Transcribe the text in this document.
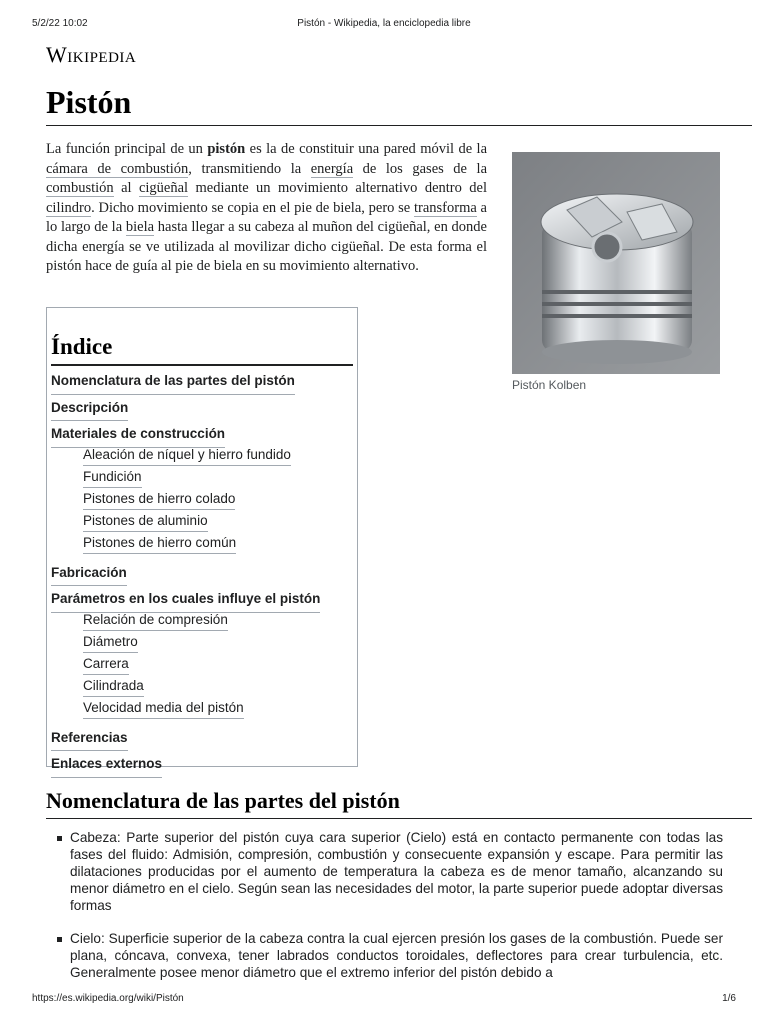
5/2/22 10:02	Pistón - Wikipedia, la enciclopedia libre
Wikipedia
Pistón

La función principal de un pistón es la de constituir una pared móvil de la cámara de combustión, transmitiendo la energía de los gases de la combustión al cigüeñal mediante un movimiento alternativo dentro del cilindro. Dicho movimiento se copia en el pie de biela, pero se transforma a lo largo de la biela hasta llegar a su cabeza al muñon del cigüeñal, en donde dicha energía se ve utilizada al movilizar dicho cigüeñal. De esta forma el pistón hace de guía al pie de biela en su movimiento alternativo.

Pistón Kolben
Índice
Nomenclatura de las partes del pistón
Descripción
Materiales de construcción
Aleación de níquel y hierro fundido
Fundición
Pistones de hierro colado
Pistones de aluminio
Pistones de hierro común
Fabricación
Parámetros en los cuales influye el pistón
Relación de compresión
Diámetro
Carrera
Cilindrada
Velocidad media del pistón
Referencias
Enlaces externos
Nomenclatura de las partes del pistón
Cabeza: Parte superior del pistón cuya cara superior (Cielo) está en contacto permanente con todas las fases del fluido: Admisión, compresión, combustión y consecuente expansión y escape. Para permitir las dilataciones producidas por el aumento de temperatura la cabeza es de menor tamaño, alcanzando su menor diámetro en el cielo. Según sean las necesidades del motor, la parte superior puede adoptar diversas formas
Cielo: Superficie superior de la cabeza contra la cual ejercen presión los gases de la combustión. Puede ser plana, cóncava, convexa, tener labrados conductos toroidales, deflectores para crear turbulencia, etc. Generalmente posee menor diámetro que el extremo inferior del pistón debido a
https://es.wikipedia.org/wiki/Pistón	1/6
